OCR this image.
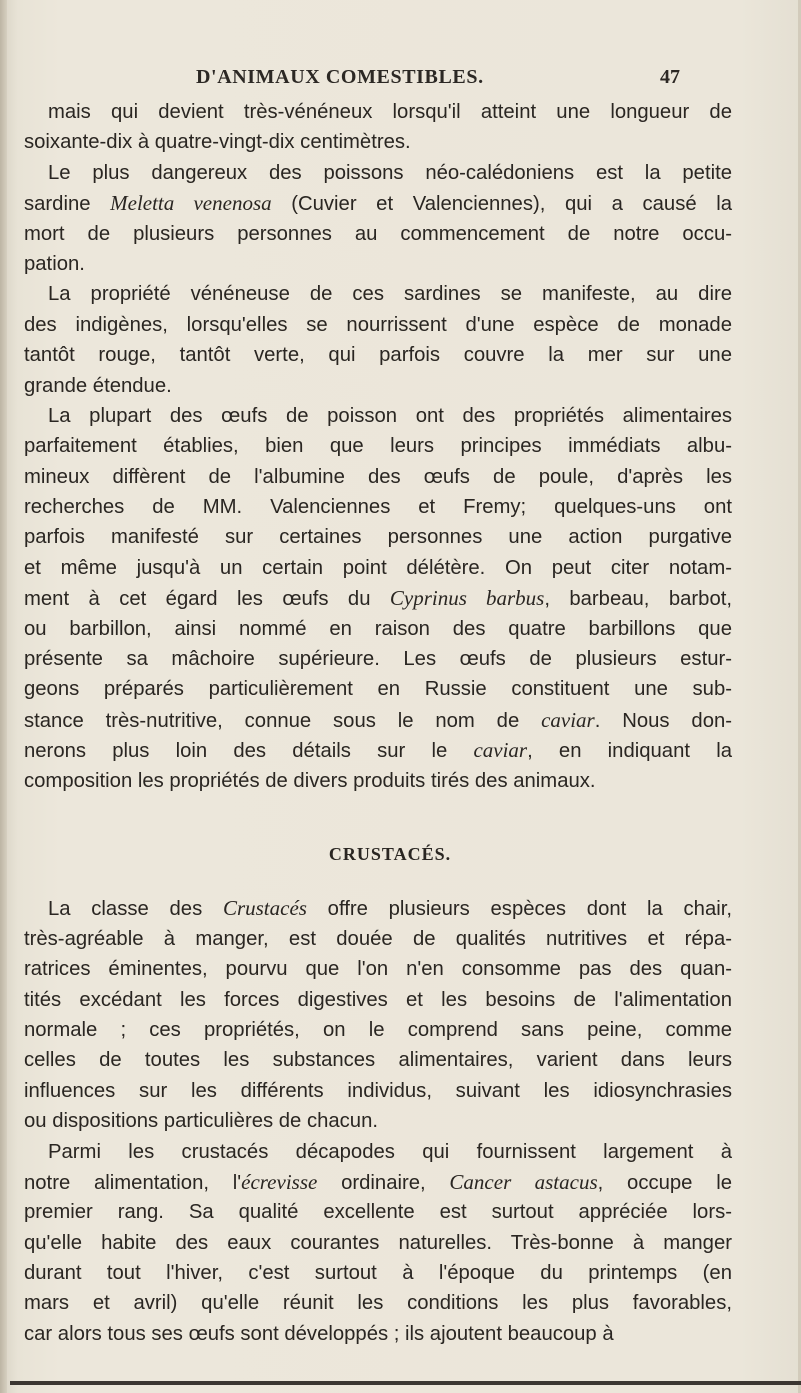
D'ANIMAUX COMESTIBLES.	47
mais qui devient très-vénéneux lorsqu'il atteint une longueur de
soixante-dix à quatre-vingt-dix centimètres.
Le plus dangereux des poissons néo-calédoniens est la petite
sardine Meletta venenosa (Cuvier et Valenciennes), qui a causé la
mort de plusieurs personnes au commencement de notre occu-
pation.
La propriété vénéneuse de ces sardines se manifeste, au dire
des indigènes, lorsqu'elles se nourrissent d'une espèce de monade
tantôt rouge, tantôt verte, qui parfois couvre la mer sur une
grande étendue.
La plupart des œufs de poisson ont des propriétés alimentaires
parfaitement établies, bien que leurs principes immédiats albu-
mineux diffèrent de l'albumine des œufs de poule, d'après les
recherches de MM. Valenciennes et Fremy; quelques-uns ont
parfois manifesté sur certaines personnes une action purgative
et même jusqu'à un certain point délétère. On peut citer notam-
ment à cet égard les œufs du Cyprinus barbus, barbeau, barbot,
ou barbillon, ainsi nommé en raison des quatre barbillons que
présente sa mâchoire supérieure. Les œufs de plusieurs estur-
geons préparés particulièrement en Russie constituent une sub-
stance très-nutritive, connue sous le nom de caviar. Nous don-
nerons plus loin des détails sur le caviar, en indiquant la
composition les propriétés de divers produits tirés des animaux.
CRUSTACÉS.
La classe des Crustacés offre plusieurs espèces dont la chair,
très-agréable à manger, est douée de qualités nutritives et répa-
ratrices éminentes, pourvu que l'on n'en consomme pas des quan-
tités excédant les forces digestives et les besoins de l'alimentation
normale ; ces propriétés, on le comprend sans peine, comme
celles de toutes les substances alimentaires, varient dans leurs
influences sur les différents individus, suivant les idiosynchrasies
ou dispositions particulières de chacun.
Parmi les crustacés décapodes qui fournissent largement à
notre alimentation, l'écrevisse ordinaire, Cancer astacus, occupe le
premier rang. Sa qualité excellente est surtout appréciée lors-
qu'elle habite des eaux courantes naturelles. Très-bonne à manger
durant tout l'hiver, c'est surtout à l'époque du printemps (en
mars et avril) qu'elle réunit les conditions les plus favorables,
car alors tous ses œufs sont développés ; ils ajoutent beaucoup à
